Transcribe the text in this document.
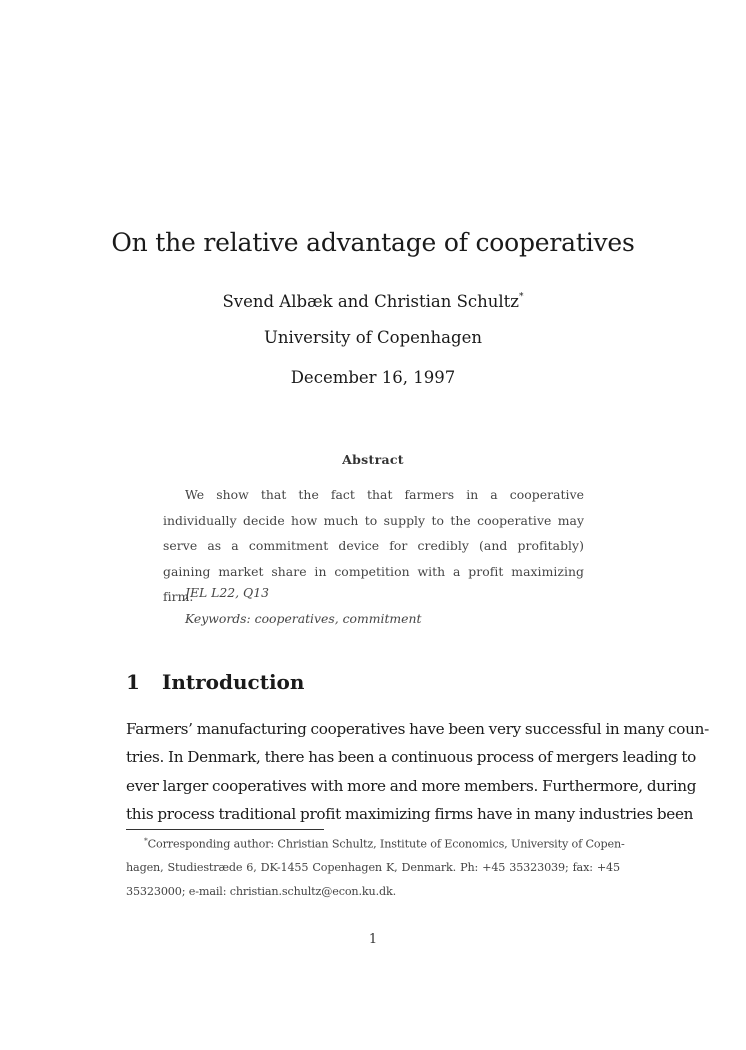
On the relative advantage of cooperatives
Svend Albæk and Christian Schultz*
University of Copenhagen
December 16, 1997
Abstract

We show that the fact that farmers in a cooperative individually decide how much to supply to the cooperative may serve as a commitment device for credibly (and profitably) gaining market share in competition with a profit maximizing firm.

JEL L22, Q13
Keywords: cooperatives, commitment
1 Introduction

Farmers’ manufacturing cooperatives have been very successful in many coun-
tries. In Denmark, there has been a continuous process of mergers leading to
ever larger cooperatives with more and more members. Furthermore, during
this process traditional profit maximizing firms have in many industries been

*Corresponding author: Christian Schultz, Institute of Economics, University of Copen-
hagen, Studiestræde 6, DK-1455 Copenhagen K, Denmark. Ph: +45 35323039; fax: +45
35323000; e-mail: christian.schultz@econ.ku.dk.
1
